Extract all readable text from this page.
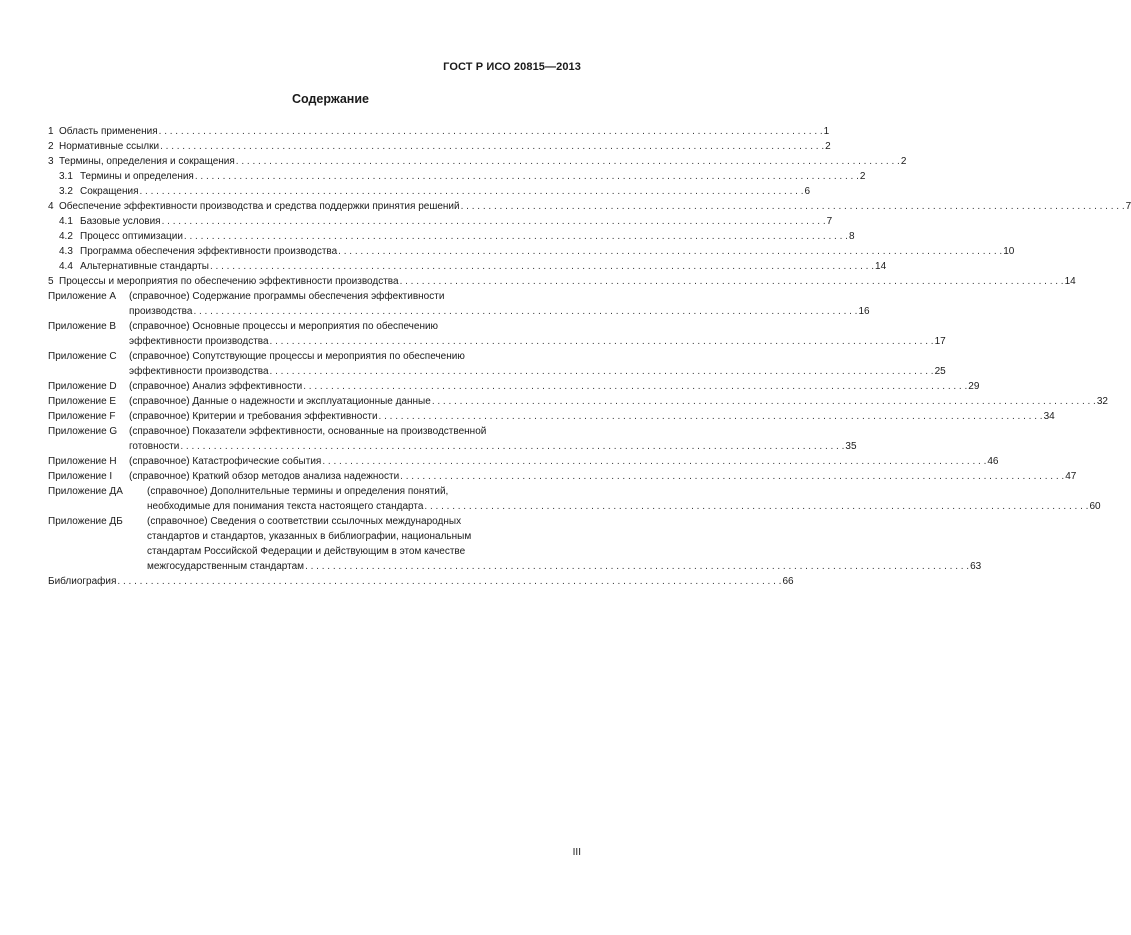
ГОСТ Р ИСО 20815—2013
Содержание
1 Область применения . . . . . . . . . . . . . . . . . . . . . . . . . . . . . . . . . . . . . . . . . . . . . . . . . . . . . . . . . . . . . . . . . . . . . . . . . . . . . . . . . . . . . . . . . . . . . . . . . . . . . . . . . . . . . . . . . . . . . . . . 1
2 Нормативные ссылки . . . . . . . . . . . . . . . . . . . . . . . . . . . . . . . . . . . . . . . . . . . . . . . . . . . . . . . . . . . . . . . . . . . . . . . . . . . . . . . . . . . . . . . . . . . . . . . . . . . . . . . . . . . . . . . . . . . . . . . . 2
3 Термины, определения и сокращения . . . . . . . . . . . . . . . . . . . . . . . . . . . . . . . . . . . . . . . . . . . . . . . . . . . . . . . . . . . . . . . . . . . . . . . . . . . . . . . . . . . . . . . . . . . . . . . . . . . . . . . . . . . . . . . . . . . . . . . . 2
3.1 Термины и определения . . . . . . . . . . . . . . . . . . . . . . . . . . . . . . . . . . . . . . . . . . . . . . . . . . . . . . . . . . . . . . . . . . . . . . . . . . . . . . . . . . . . . . . . . . . . . . . . . . . . . . . . . . . . . . . . . . . . . . . . 2
3.2 Сокращения . . . . . . . . . . . . . . . . . . . . . . . . . . . . . . . . . . . . . . . . . . . . . . . . . . . . . . . . . . . . . . . . . . . . . . . . . . . . . . . . . . . . . . . . . . . . . . . . . . . . . . . . . . . . . . . . . . . . . . . . 6
4 Обеспечение эффективности производства и средства поддержки принятия решений . . . . . . . . . . . . . . . . . . . . . . . . . . . . . . . . . . . . . . . . . . . . . . . . . . . . . . . . . . . . . . . . . . . . . . . . . . . . . . . . . . . . . . . . . . . . . . . . . . . . . . . . . . . . . . . . . . . . . . . . 7
4.1 Базовые условия . . . . . . . . . . . . . . . . . . . . . . . . . . . . . . . . . . . . . . . . . . . . . . . . . . . . . . . . . . . . . . . . . . . . . . . . . . . . . . . . . . . . . . . . . . . . . . . . . . . . . . . . . . . . . . . . . . . . . . . . 7
4.2 Процесс оптимизации . . . . . . . . . . . . . . . . . . . . . . . . . . . . . . . . . . . . . . . . . . . . . . . . . . . . . . . . . . . . . . . . . . . . . . . . . . . . . . . . . . . . . . . . . . . . . . . . . . . . . . . . . . . . . . . . . . . . . . . . 8
4.3 Программа обеспечения эффективности производства . . . . . . . . . . . . . . . . . . . . . . . . . . . . . . . . . . . . . . . . . . . . . . . . . . . . . . . . . . . . . . . . . . . . . . . . . . . . . . . . . . . . . . . . . . . . . . . . . . . . . . . . . . . . . . . . . . . . . . . . 10
4.4 Альтернативные стандарты . . . . . . . . . . . . . . . . . . . . . . . . . . . . . . . . . . . . . . . . . . . . . . . . . . . . . . . . . . . . . . . . . . . . . . . . . . . . . . . . . . . . . . . . . . . . . . . . . . . . . . . . . . . . . . . . . . . . . . . . 14
5 Процессы и мероприятия по обеспечению эффективности производства . . . . . . . . . . . . . . . . . . . . . . . . . . . . . . . . . . . . . . . . . . . . . . . . . . . . . . . . . . . . . . . . . . . . . . . . . . . . . . . . . . . . . . . . . . . . . . . . . . . . . . . . . . . . . . . . . . . . . . . . 14
Приложение А	(справочное) Содержание программы обеспечения эффективности
производства . . . . . . . . . . . . . . . . . . . . . . . . . . . . . . . . . . . . . . . . . . . . . . . . . . . . . . . . . . . . . . . . . . . . . . . . . . . . . . . . . . . . . . . . . . . . . . . . . . . . . . . . . . . . . . . . . . . . . . . . 16
Приложение В	(справочное) Основные процессы и мероприятия по обеспечению
эффективности производства . . . . . . . . . . . . . . . . . . . . . . . . . . . . . . . . . . . . . . . . . . . . . . . . . . . . . . . . . . . . . . . . . . . . . . . . . . . . . . . . . . . . . . . . . . . . . . . . . . . . . . . . . . . . . . . . . . . . . . . . 17
Приложение С	(справочное) Сопутствующие процессы и мероприятия по обеспечению
эффективности производства . . . . . . . . . . . . . . . . . . . . . . . . . . . . . . . . . . . . . . . . . . . . . . . . . . . . . . . . . . . . . . . . . . . . . . . . . . . . . . . . . . . . . . . . . . . . . . . . . . . . . . . . . . . . . . . . . . . . . . . . 25
Приложение D	(справочное) Анализ эффективности . . . . . . . . . . . . . . . . . . . . . . . . . . . . . . . . . . . . . . . . . . . . . . . . . . . . . . . . . . . . . . . . . . . . . . . . . . . . . . . . . . . . . . . . . . . . . . . . . . . . . . . . . . . . . . . . . . . . . . . . 29
Приложение Е	(справочное) Данные о надежности и эксплуатационные данные . . . . . . . . . . . . . . . . . . . . . . . . . . . . . . . . . . . . . . . . . . . . . . . . . . . . . . . . . . . . . . . . . . . . . . . . . . . . . . . . . . . . . . . . . . . . . . . . . . . . . . . . . . . . . . . . . . . . . . . . 32
Приложение F	(справочное) Критерии и требования эффективности . . . . . . . . . . . . . . . . . . . . . . . . . . . . . . . . . . . . . . . . . . . . . . . . . . . . . . . . . . . . . . . . . . . . . . . . . . . . . . . . . . . . . . . . . . . . . . . . . . . . . . . . . . . . . . . . . . . . . . . . 34
Приложение G	(справочное) Показатели эффективности, основанные на производственной
готовности . . . . . . . . . . . . . . . . . . . . . . . . . . . . . . . . . . . . . . . . . . . . . . . . . . . . . . . . . . . . . . . . . . . . . . . . . . . . . . . . . . . . . . . . . . . . . . . . . . . . . . . . . . . . . . . . . . . . . . . . 35
Приложение Н	(справочное) Катастрофические события . . . . . . . . . . . . . . . . . . . . . . . . . . . . . . . . . . . . . . . . . . . . . . . . . . . . . . . . . . . . . . . . . . . . . . . . . . . . . . . . . . . . . . . . . . . . . . . . . . . . . . . . . . . . . . . . . . . . . . . . 46
Приложение I	(справочное) Краткий обзор методов анализа надежности . . . . . . . . . . . . . . . . . . . . . . . . . . . . . . . . . . . . . . . . . . . . . . . . . . . . . . . . . . . . . . . . . . . . . . . . . . . . . . . . . . . . . . . . . . . . . . . . . . . . . . . . . . . . . . . . . . . . . . . . 47
Приложение ДА	(справочное) Дополнительные термины и определения понятий,
необходимые для понимания текста настоящего стандарта . . . . . . . . . . . . . . . . . . . . . . . . . . . . . . . . . . . . . . . . . . . . . . . . . . . . . . . . . . . . . . . . . . . . . . . . . . . . . . . . . . . . . . . . . . . . . . . . . . . . . . . . . . . . . . . . . . . . . . . . 60
Приложение ДБ	(справочное) Сведения о соответствии ссылочных международных
стандартов и стандартов, указанных в библиографии, национальным
стандартам Российской Федерации и действующим в этом качестве
межгосударственным стандартам . . . . . . . . . . . . . . . . . . . . . . . . . . . . . . . . . . . . . . . . . . . . . . . . . . . . . . . . . . . . . . . . . . . . . . . . . . . . . . . . . . . . . . . . . . . . . . . . . . . . . . . . . . . . . . . . . . . . . . . . 63
Библиография . . . . . . . . . . . . . . . . . . . . . . . . . . . . . . . . . . . . . . . . . . . . . . . . . . . . . . . . . . . . . . . . . . . . . . . . . . . . . . . . . . . . . . . . . . . . . . . . . . . . . . . . . . . . . . . . . . . . . . . . 66
III
